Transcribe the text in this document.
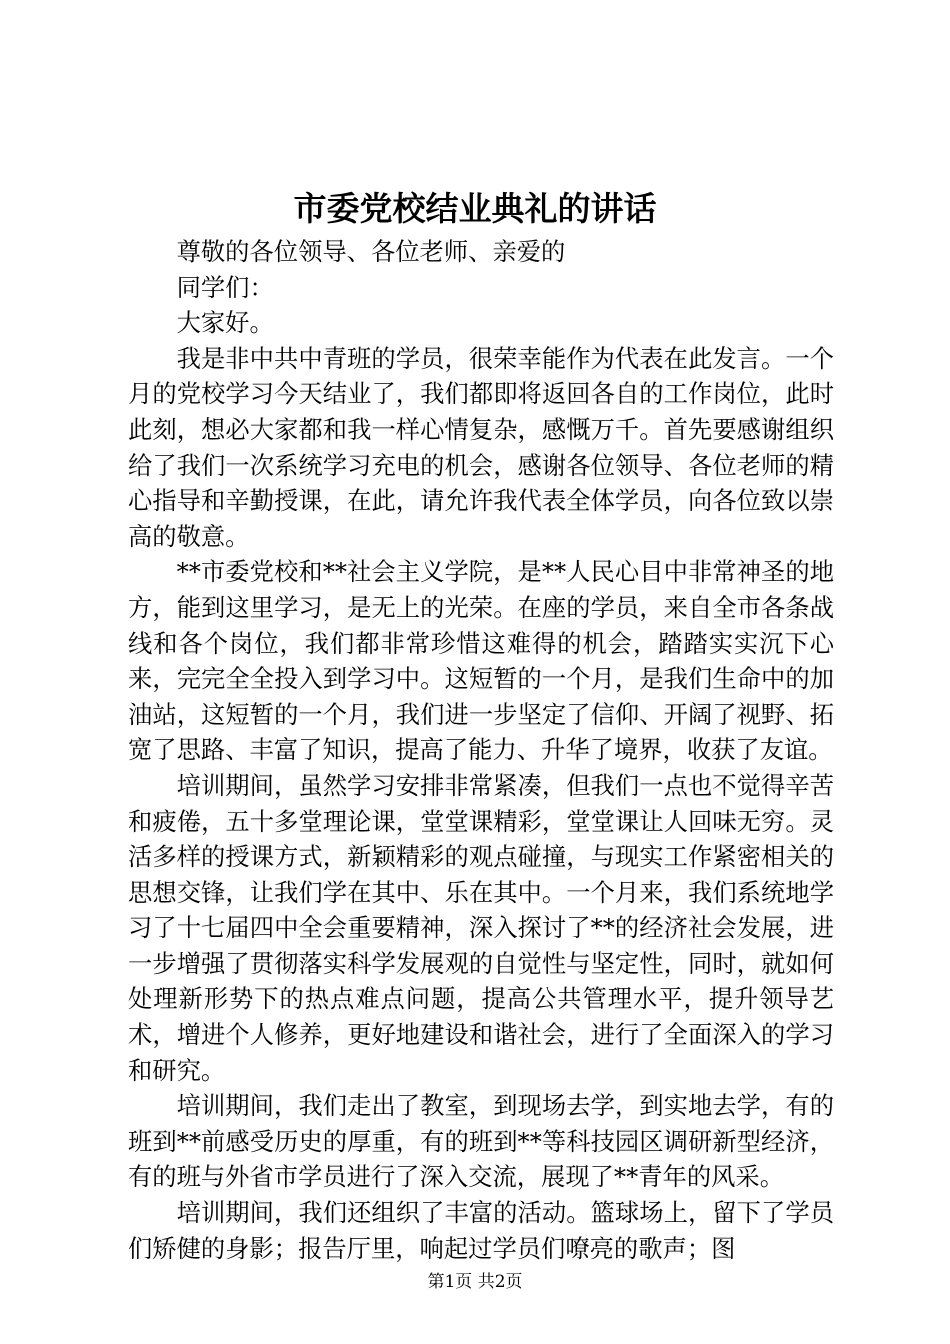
市委党校结业典礼的讲话

尊敬的各位领导、各位老师、亲爱的

同学们：

大家好。

我是非中共中青班的学员，很荣幸能作为代表在此发言。一个月的党校学习今天结业了，我们都即将返回各自的工作岗位，此时此刻，想必大家都和我一样心情复杂，感慨万千。首先要感谢组织给了我们一次系统学习充电的机会，感谢各位领导、各位老师的精心指导和辛勤授课，在此，请允许我代表全体学员，向各位致以崇高的敬意。

**市委党校和**社会主义学院，是**人民心目中非常神圣的地方，能到这里学习，是无上的光荣。在座的学员，来自全市各条战线和各个岗位，我们都非常珍惜这难得的机会，踏踏实实沉下心来，完完全全投入到学习中。这短暂的一个月，是我们生命中的加油站，这短暂的一个月，我们进一步坚定了信仰、开阔了视野、拓宽了思路、丰富了知识，提高了能力、升华了境界，收获了友谊。

培训期间，虽然学习安排非常紧凑，但我们一点也不觉得辛苦和疲倦，五十多堂理论课，堂堂课精彩，堂堂课让人回味无穷。灵活多样的授课方式，新颖精彩的观点碰撞，与现实工作紧密相关的思想交锋，让我们学在其中、乐在其中。一个月来，我们系统地学习了十七届四中全会重要精神，深入探讨了**的经济社会发展，进一步增强了贯彻落实科学发展观的自觉性与坚定性，同时，就如何处理新形势下的热点难点问题，提高公共管理水平，提升领导艺术，增进个人修养，更好地建设和谐社会，进行了全面深入的学习和研究。

培训期间，我们走出了教室，到现场去学，到实地去学，有的班到**前感受历史的厚重，有的班到**等科技园区调研新型经济，有的班与外省市学员进行了深入交流，展现了**青年的风采。

培训期间，我们还组织了丰富的活动。篮球场上，留下了学员们矫健的身影；报告厅里，响起过学员们嘹亮的歌声；图

第1页 共2页
